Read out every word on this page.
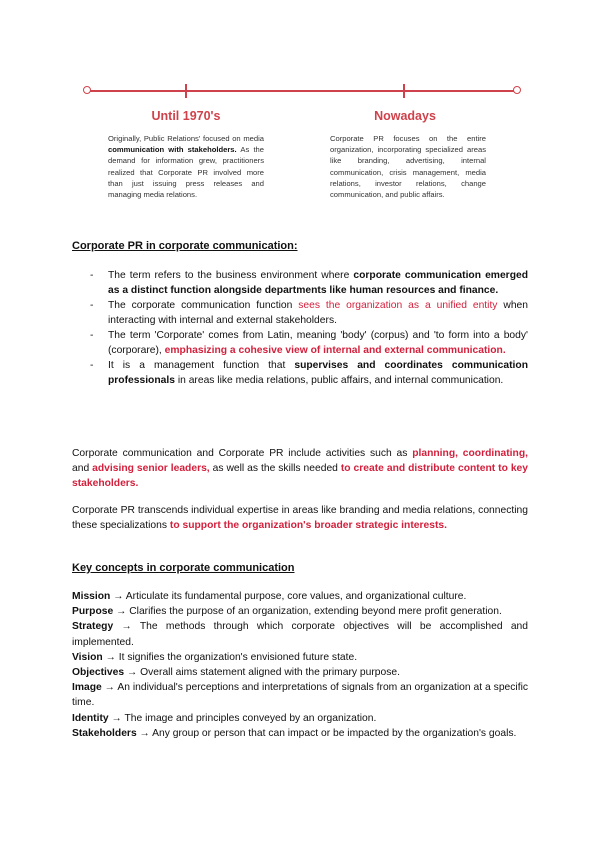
Until 1970's	Nowadays
Originally, Public Relations' focused on media communication with stakeholders. As the demand for information grew, practitioners realized that Corporate PR involved more than just issuing press releases and managing media relations.
Corporate PR focuses on the entire organization, incorporating specialized areas like branding, advertising, internal communication, crisis management, media relations, investor relations, change communication, and public affairs.
Corporate PR in corporate communication:
- The term refers to the business environment where corporate communication emerged as a distinct function alongside departments like human resources and finance.
- The corporate communication function sees the organization as a unified entity when interacting with internal and external stakeholders.
- The term 'Corporate' comes from Latin, meaning 'body' (corpus) and 'to form into a body' (corporare), emphasizing a cohesive view of internal and external communication.
- It is a management function that supervises and coordinates communication professionals in areas like media relations, public affairs, and internal communication.

Corporate communication and Corporate PR include activities such as planning, coordinating, and advising senior leaders, as well as the skills needed to create and distribute content to key stakeholders.

Corporate PR transcends individual expertise in areas like branding and media relations, connecting these specializations to support the organization's broader strategic interests.

Key concepts in corporate communication
Mission → Articulate its fundamental purpose, core values, and organizational culture.
Purpose → Clarifies the purpose of an organization, extending beyond mere profit generation.
Strategy → The methods through which corporate objectives will be accomplished and implemented.
Vision → It signifies the organization's envisioned future state.
Objectives → Overall aims statement aligned with the primary purpose.
Image → An individual's perceptions and interpretations of signals from an organization at a specific time.
Identity → The image and principles conveyed by an organization.
Stakeholders → Any group or person that can impact or be impacted by the organization's goals.
